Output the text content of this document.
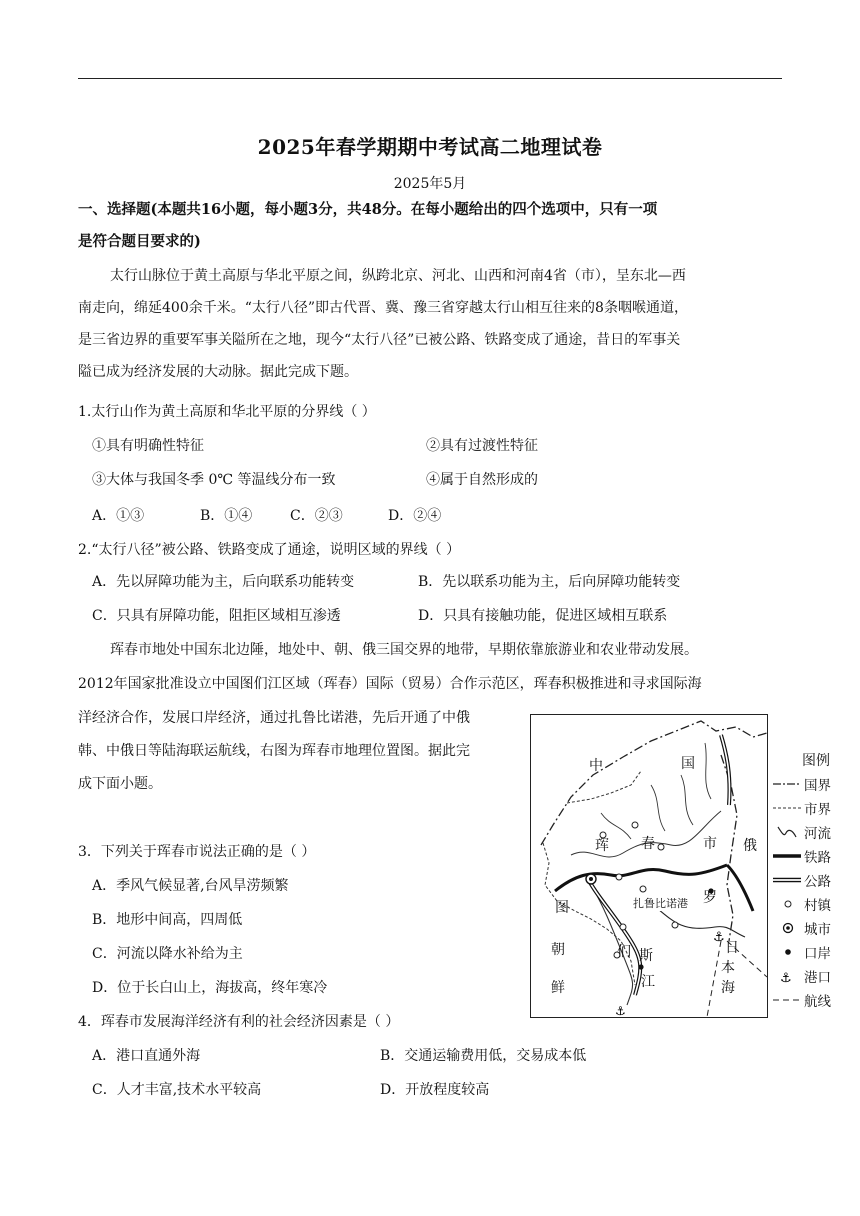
2025年春学期期中考试高二地理试卷
2025年5月
一、选择题(本题共16小题，每小题3分，共48分。在每小题给出的四个选项中，只有一项
是符合题目要求的)
太行山脉位于黄土高原与华北平原之间，纵跨北京、河北、山西和河南4省（市），呈东北—西
南走向，绵延400余千米。“太行八径”即古代晋、冀、豫三省穿越太行山相互往来的8条咽喉通道，
是三省边界的重要军事关隘所在之地，现今“太行八径”已被公路、铁路变成了通途，昔日的军事关
隘已成为经济发展的大动脉。据此完成下题。
1.太行山作为黄土高原和华北平原的分界线（ ）
①具有明确性特征	②具有过渡性特征
③大体与我国冬季 0℃ 等温线分布一致	④属于自然形成的
A．①③	B．①④	C．②③	D．②④
2.“太行八径”被公路、铁路变成了通途，说明区域的界线（ ）
A．先以屏障功能为主，后向联系功能转变	B．先以联系功能为主，后向屏障功能转变
C．只具有屏障功能，阻拒区域相互渗透	D．只具有接触功能，促进区域相互联系
珲春市地处中国东北边陲，地处中、朝、俄三国交界的地带，早期依靠旅游业和农业带动发展。
2012年国家批准设立中国图们江区域（珲春）国际（贸易）合作示范区，珲春积极推进和寻求国际海
洋经济合作，发展口岸经济，通过扎鲁比诺港，先后开通了中俄
韩、中俄日等陆海联运航线，右图为珲春市地理位置图。据此完
成下面小题。
3．下列关于珲春市说法正确的是（ ）
A．季风气候显著,台风旱涝频繁
B．地形中间高，四周低
C．河流以降水补给为主
D．位于长白山上，海拔高，终年寒冷
4．珲春市发展海洋经济有利的社会经济因素是（ ）
A．港口直通外海	B．交通运输费用低，交易成本低
C．人才丰富,技术水平较高	D．开放程度较高
⚓
⚓
中	国
珲 春	市 俄
罗
斯
图
们
江
朝
鲜
日
本
海
扎鲁比诺港
图例
国界
市界
河流
铁路
公路
村镇
城市
口岸
⚓ 港口
航线
